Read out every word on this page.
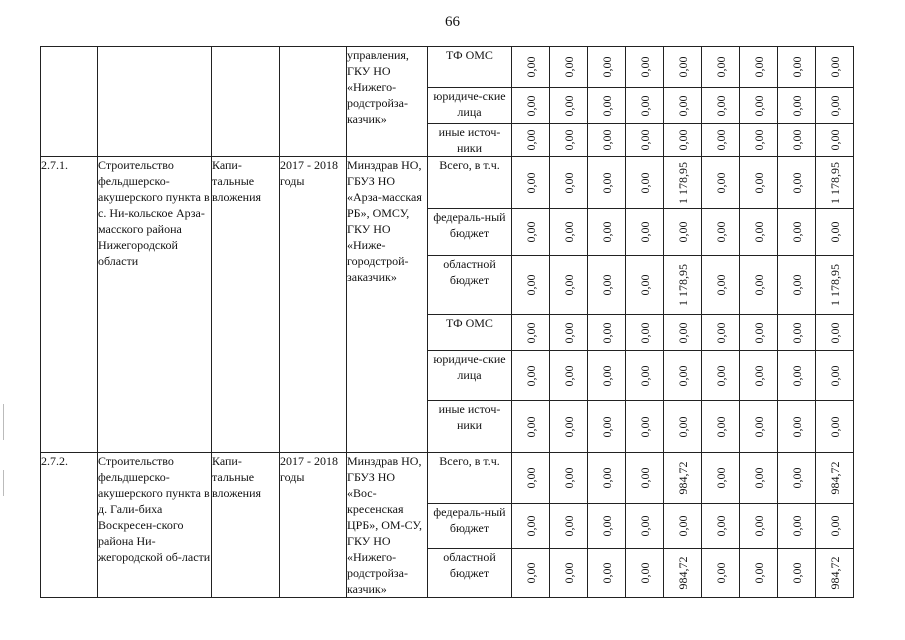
66
				управления, ГКУ НО «Нижего-родстройза-казчик»	ТФ ОМС	0,00	0,00	0,00	0,00	0,00	0,00	0,00	0,00	0,00

					юридиче-ские лица	0,00	0,00	0,00	0,00	0,00	0,00	0,00	0,00	0,00

					иные источ-ники	0,00	0,00	0,00	0,00	0,00	0,00	0,00	0,00	0,00

2.7.1.	Строительство фельдшерско-акушерского пункта в с. Ни-кольское Арза-масского района Нижегородской области	Капи-тальные вложения	2017 - 2018 годы	Минздрав НО, ГБУЗ НО «Арза-масская РБ», ОМСУ, ГКУ НО «Ниже-городстрой-заказчик»	Всего, в т.ч.	0,00	0,00	0,00	0,00	1 178,95	0,00	0,00	0,00	1 178,95

					федераль-ный бюджет	0,00	0,00	0,00	0,00	0,00	0,00	0,00	0,00	0,00

					областной бюджет	0,00	0,00	0,00	0,00	1 178,95	0,00	0,00	0,00	1 178,95

					ТФ ОМС	0,00	0,00	0,00	0,00	0,00	0,00	0,00	0,00	0,00

					юридиче-ские лица	0,00	0,00	0,00	0,00	0,00	0,00	0,00	0,00	0,00

					иные источ-ники	0,00	0,00	0,00	0,00	0,00	0,00	0,00	0,00	0,00

2.7.2.	Строительство фельдшерско-акушерского пункта в д. Гали-биха Воскресен-ского района Ни-жегородской об-ласти	Капи-тальные вложения	2017 - 2018 годы	Минздрав НО, ГБУЗ НО «Вос-кресенская ЦРБ», ОМ-СУ, ГКУ НО «Нижего-родстройза-казчик»	Всего, в т.ч.	0,00	0,00	0,00	0,00	984,72	0,00	0,00	0,00	984,72

					федераль-ный бюджет	0,00	0,00	0,00	0,00	0,00	0,00	0,00	0,00	0,00

					областной бюджет	0,00	0,00	0,00	0,00	984,72	0,00	0,00	0,00	984,72
